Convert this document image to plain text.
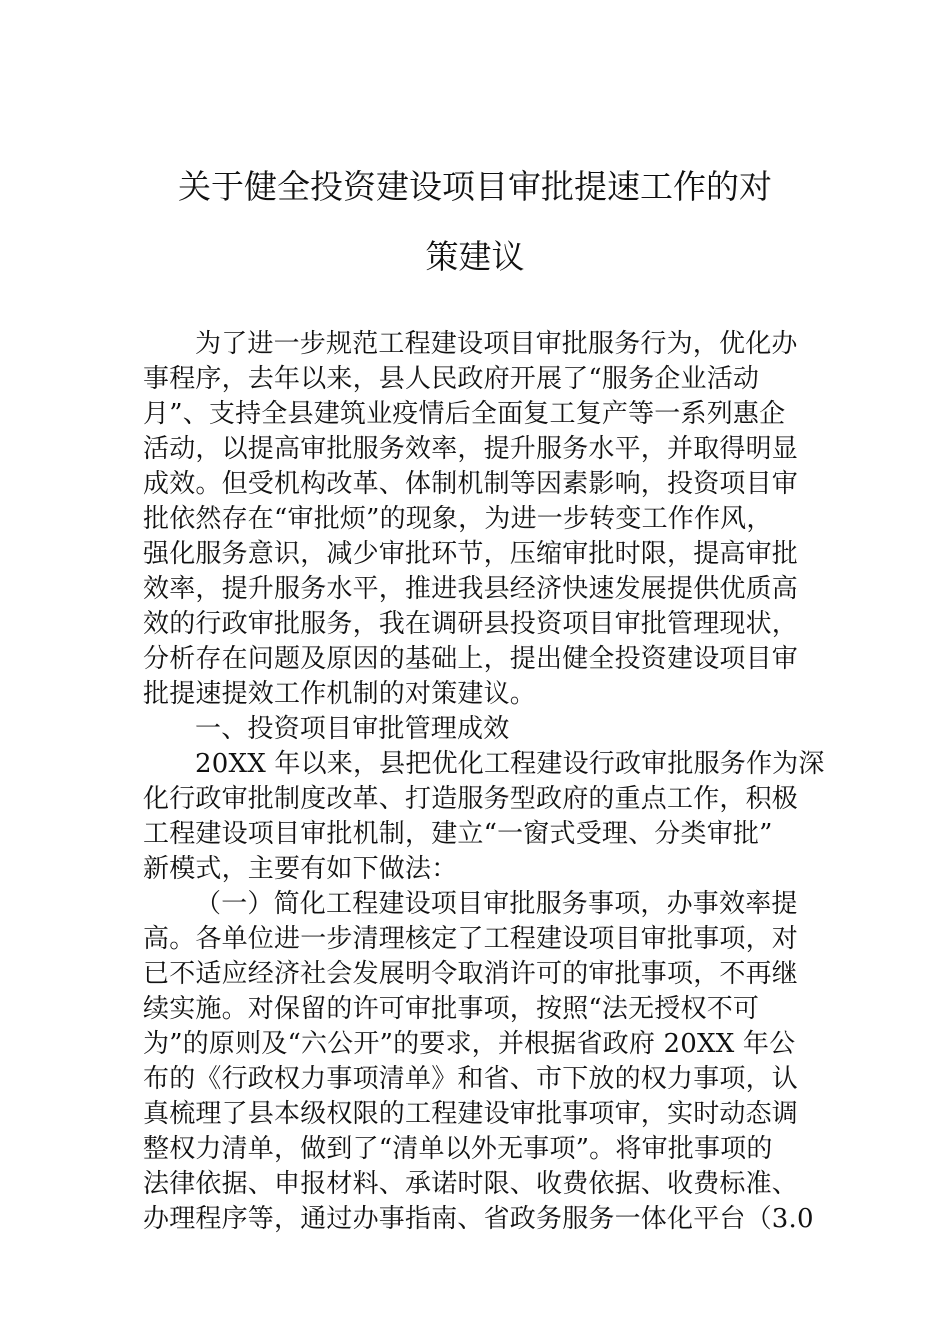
关于健全投资建设项目审批提速工作的对
策建议
为了进一步规范工程建设项目审批服务行为，优化办
事程序，去年以来，县人民政府开展了“服务企业活动
月”、支持全县建筑业疫情后全面复工复产等一系列惠企
活动，以提高审批服务效率，提升服务水平，并取得明显
成效。但受机构改革、体制机制等因素影响，投资项目审
批依然存在“审批烦”的现象，为进一步转变工作作风，
强化服务意识，减少审批环节，压缩审批时限，提高审批
效率，提升服务水平，推进我县经济快速发展提供优质高
效的行政审批服务，我在调研县投资项目审批管理现状，
分析存在问题及原因的基础上，提出健全投资建设项目审
批提速提效工作机制的对策建议。
一、投资项目审批管理成效
20XX 年以来，县把优化工程建设行政审批服务作为深
化行政审批制度改革、打造服务型政府的重点工作，积极
工程建设项目审批机制，建立“一窗式受理、分类审批”
新模式，主要有如下做法：
（一）简化工程建设项目审批服务事项，办事效率提
高。各单位进一步清理核定了工程建设项目审批事项，对
已不适应经济社会发展明令取消许可的审批事项，不再继
续实施。对保留的许可审批事项，按照“法无授权不可
为”的原则及“六公开”的要求，并根据省政府 20XX 年公
布的《行政权力事项清单》和省、市下放的权力事项，认
真梳理了县本级权限的工程建设审批事项审，实时动态调
整权力清单，做到了“清单以外无事项”。将审批事项的
法律依据、申报材料、承诺时限、收费依据、收费标准、
办理程序等，通过办事指南、省政务服务一体化平台（3.0
